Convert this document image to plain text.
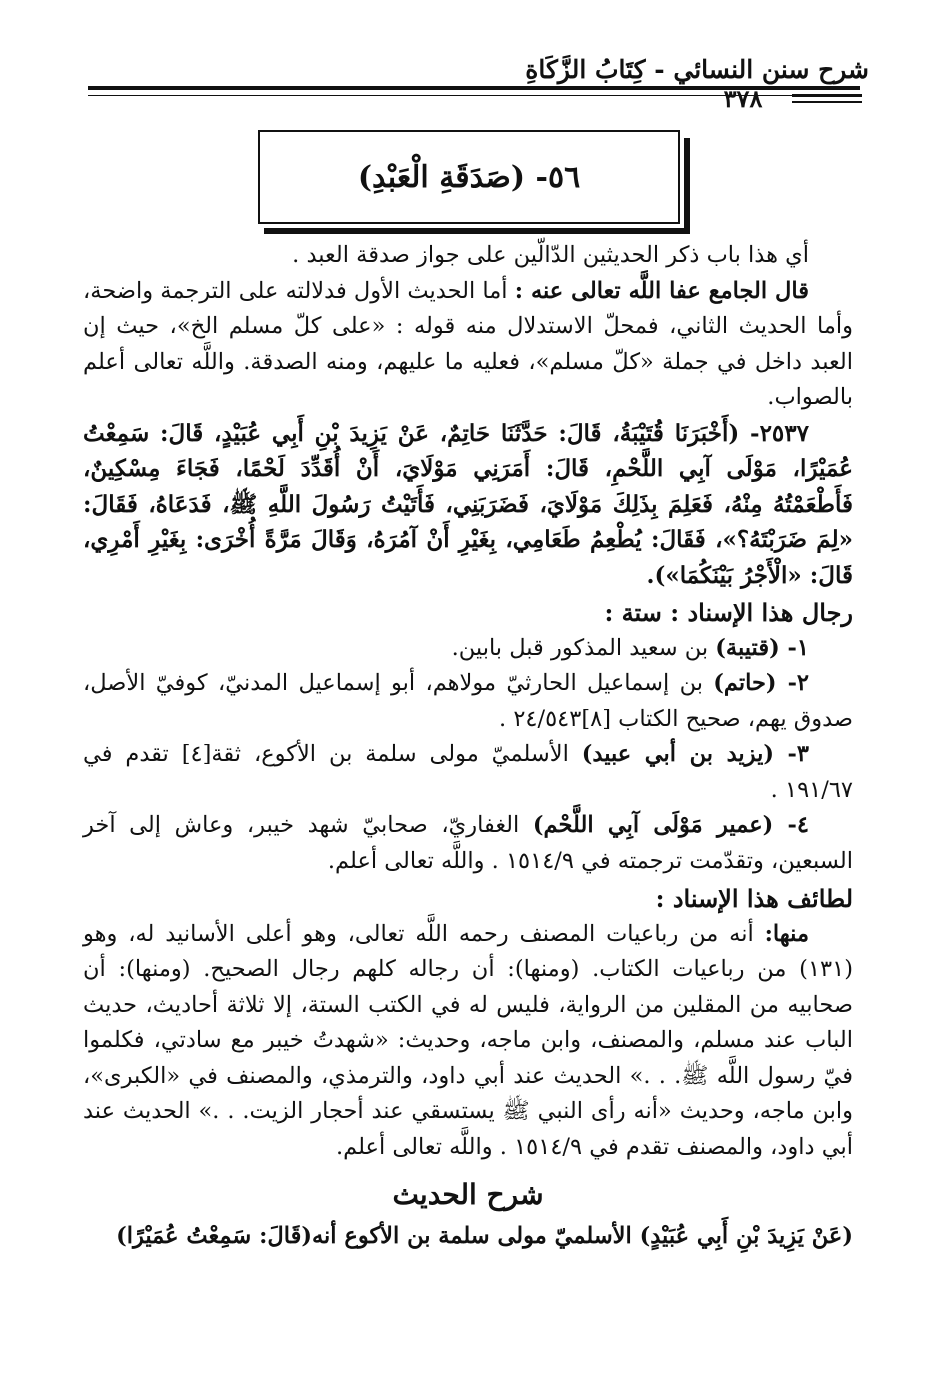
شرح سنن النسائي - كِتَابُ الزَّكَاةِ
٣٧٨
٥٦- (صَدَقَةِ الْعَبْدِ)

أي هذا باب ذكر الحديثين الدّالّين على جواز صدقة العبد .

قال الجامع عفا اللَّه تعالى عنه : أما الحديث الأول فدلالته على الترجمة واضحة، وأما الحديث الثاني، فمحلّ الاستدلال منه قوله : «على كلّ مسلم الخ»، حيث إن العبد داخل في جملة «كلّ مسلم»، فعليه ما عليهم، ومنه الصدقة. واللَّه تعالى أعلم بالصواب.

٢٥٣٧- (أَخْبَرَنَا قُتَيْبَةُ، قَالَ: حَدَّثَنَا حَاتِمٌ، عَنْ يَزِيدَ بْنِ أَبِي عُبَيْدٍ، قَالَ: سَمِعْتُ عُمَيْرًا، مَوْلَى آبِي اللَّحْمِ، قَالَ: أَمَرَنِي مَوْلَايَ، أَنْ أُقَدِّدَ لَحْمًا، فَجَاءَ مِسْكِينٌ، فَأَطْعَمْتُهُ مِنْهُ، فَعَلِمَ بِذَلِكَ مَوْلَايَ، فَضَرَبَنِي، فَأَتَيْتُ رَسُولَ اللَّهِ ﷺ، فَدَعَاهُ، فَقَالَ: «لِمَ ضَرَبْتَهُ؟»، فَقَالَ: يُطْعِمُ طَعَامِي، بِغَيْرِ أَنْ آمُرَهُ، وَقَالَ مَرَّةً أُخْرَى: بِغَيْرِ أَمْرِي، قَالَ: «الْأَجْرُ بَيْنَكُمَا»).

رجال هذا الإسناد : ستة :

١- (قتيبة) بن سعيد المذكور قبل بابين.

٢- (حاتم) بن إسماعيل الحارثيّ مولاهم، أبو إسماعيل المدنيّ، كوفيّ الأصل، صدوق يهم، صحيح الكتاب [٨]٢٤/٥٤٣ .

٣- (يزيد بن أبي عبيد) الأسلميّ مولى سلمة بن الأكوع، ثقة[٤] تقدم في ١٩١/٦٧ .

٤- (عمير مَوْلَى آبِي اللَّحْم) الغفاريّ، صحابيّ شهد خيبر، وعاش إلى آخر السبعين، وتقدّمت ترجمته في ١٥١٤/٩ . واللَّه تعالى أعلم.

لطائف هذا الإسناد :

منها: أنه من رباعيات المصنف رحمه اللَّه تعالى، وهو أعلى الأسانيد له، وهو (١٣١) من رباعيات الكتاب. (ومنها): أن رجاله كلهم رجال الصحيح. (ومنها): أن صحابيه من المقلين من الرواية، فليس له في الكتب الستة، إلا ثلاثة أحاديث، حديث الباب عند مسلم، والمصنف، وابن ماجه، وحديث: «شهدتُ خيبر مع سادتي، فكلموا فيّ رسول اللَّه ﷺ. . .» الحديث عند أبي داود، والترمذي، والمصنف في «الكبرى»، وابن ماجه، وحديث «أنه رأى النبي ﷺ يستسقي عند أحجار الزيت. . .» الحديث عند أبي داود، والمصنف تقدم في ١٥١٤/٩ . واللَّه تعالى أعلم.

شرح الحديث

(عَنْ يَزِيدَ بْنِ أَبِي عُبَيْدٍ) الأسلميّ مولى سلمة بن الأكوع أنه(قَالَ: سَمِعْتُ عُمَيْرًا)
